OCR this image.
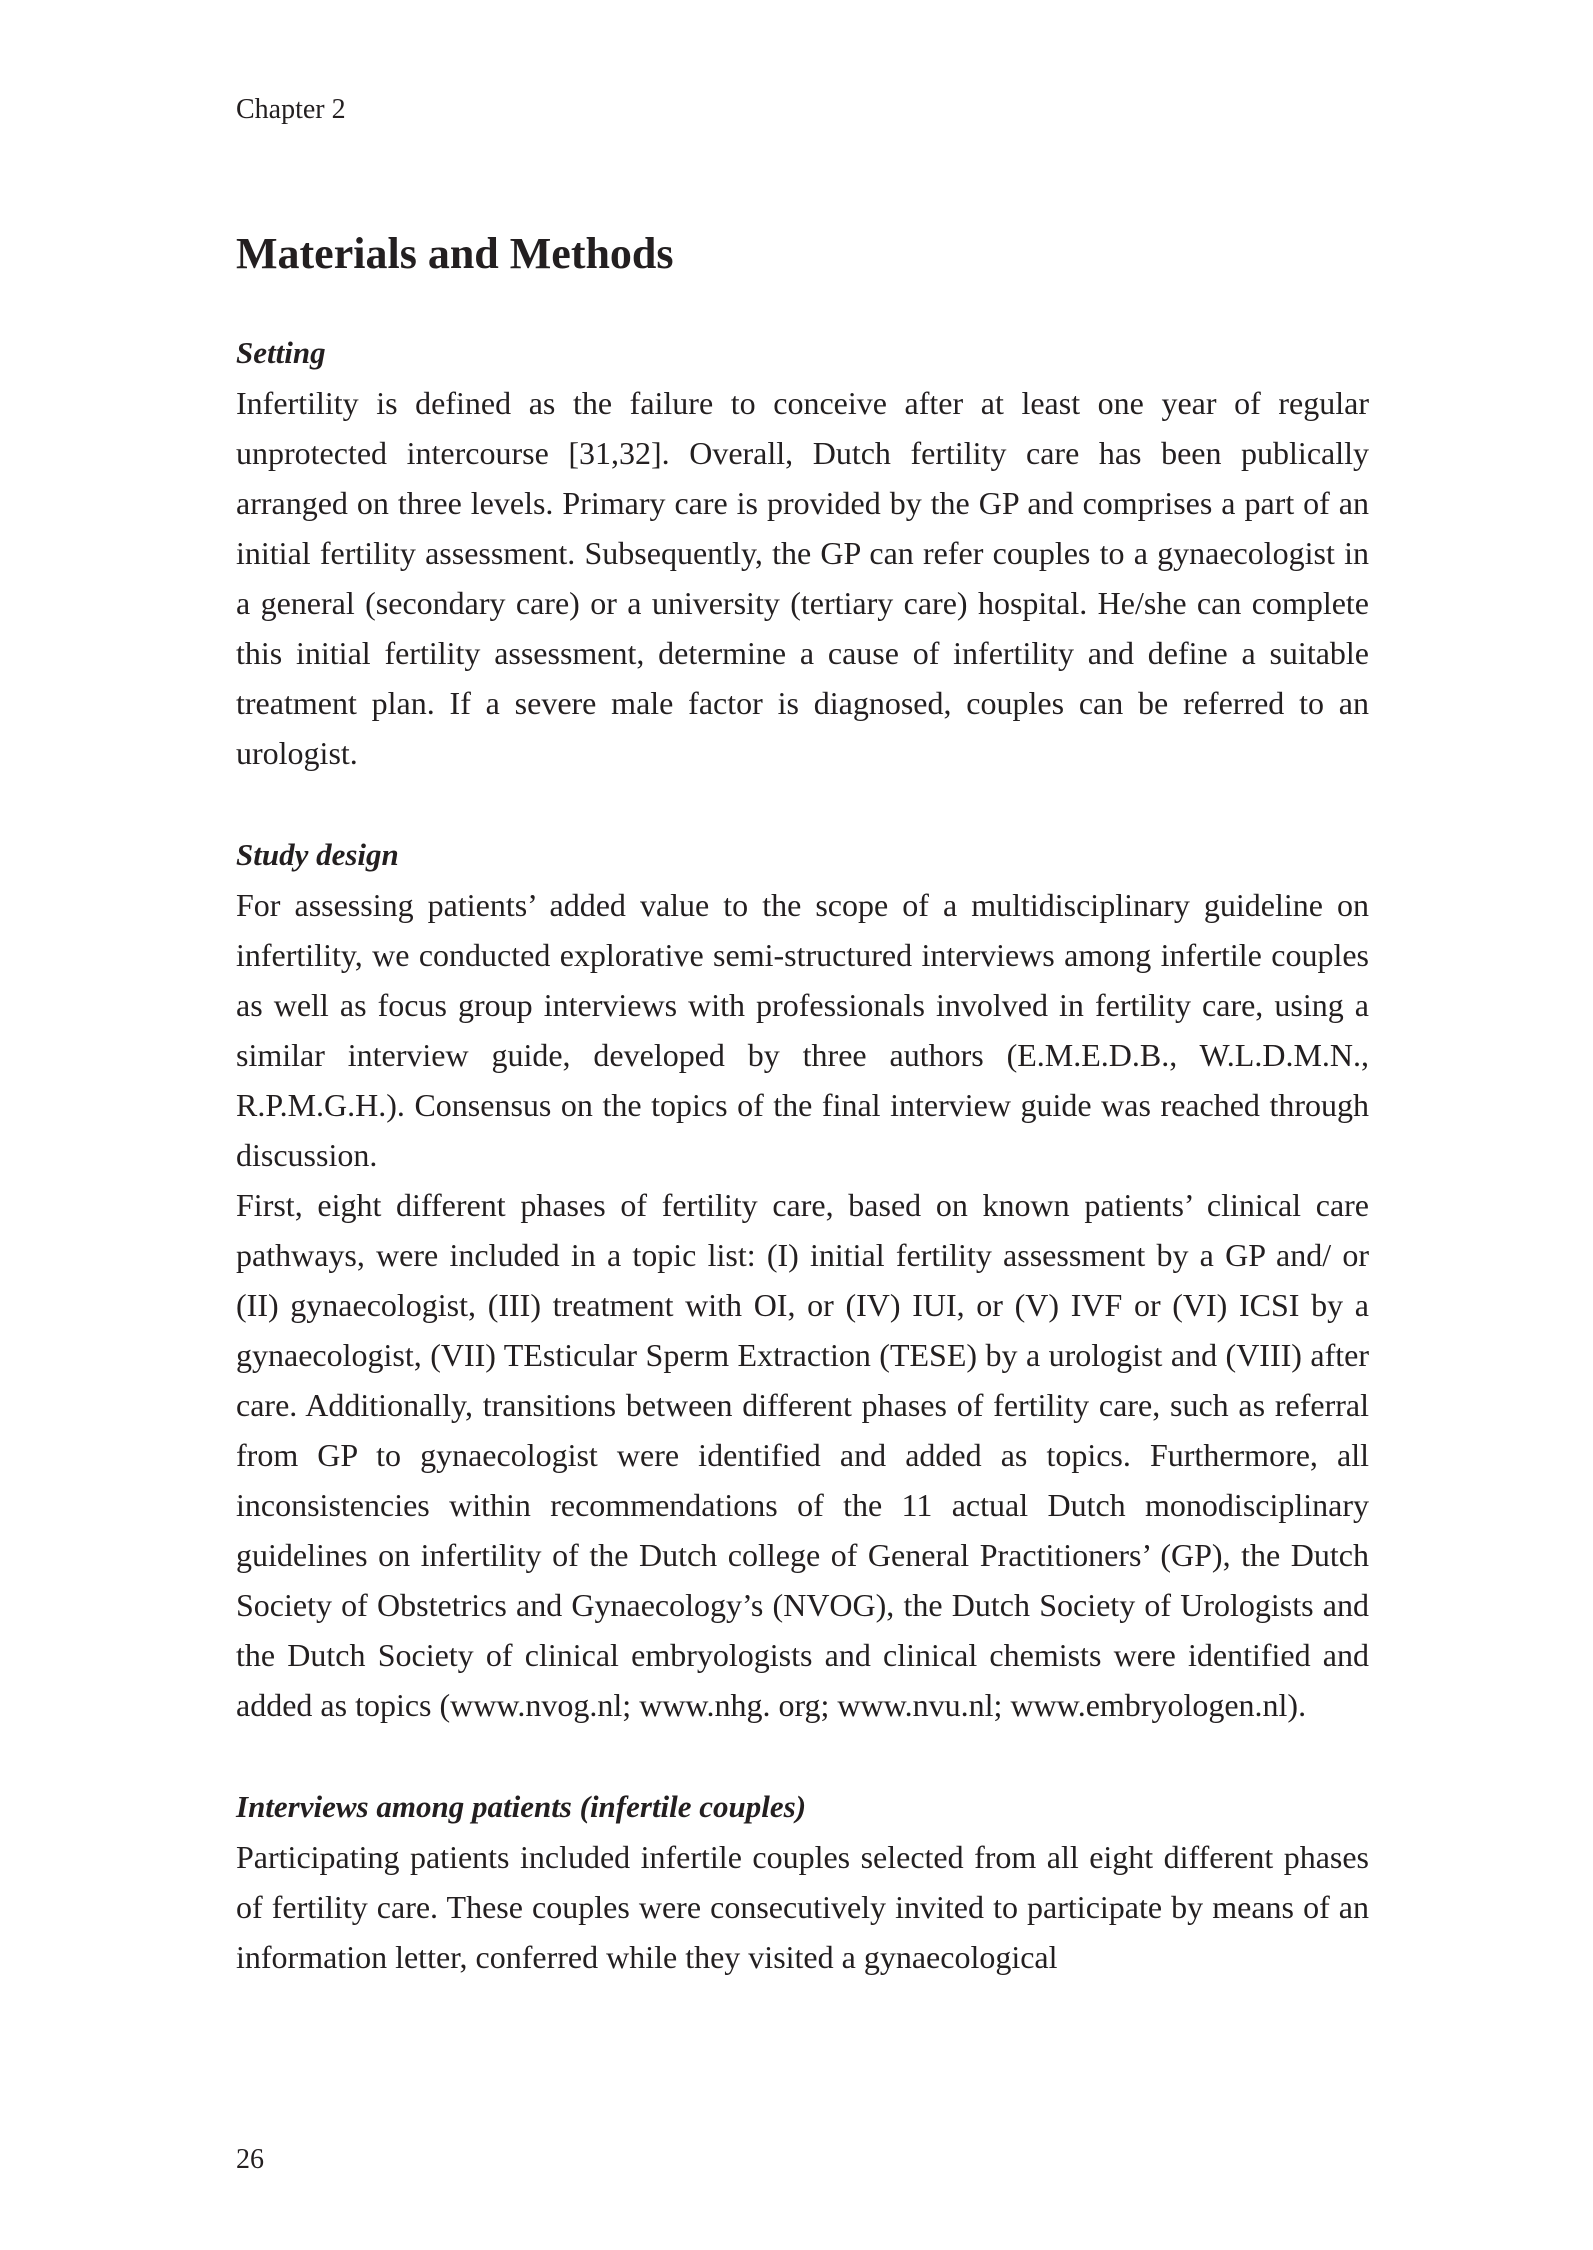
Chapter 2
Materials and Methods
Setting

Infertility is defined as the failure to conceive after at least one year of regular unprotected intercourse [31,32]. Overall, Dutch fertility care has been publically arranged on three levels. Primary care is provided by the GP and comprises a part of an initial fertility assessment. Subsequently, the GP can refer couples to a gynaecologist in a general (secondary care) or a university (tertiary care) hospital. He/she can complete this initial fertility assessment, determine a cause of infertility and define a suitable treatment plan. If a severe male factor is diagnosed, couples can be referred to an urologist.

Study design

For assessing patients’ added value to the scope of a multidisciplinary guideline on infertility, we conducted explorative semi-structured interviews among infertile couples as well as focus group interviews with professionals involved in fertility care, using a similar interview guide, developed by three authors (E.M.E.D.B., W.L.D.M.N., R.P.M.G.H.). Consensus on the topics of the final interview guide was reached through discussion.

First, eight different phases of fertility care, based on known patients’ clinical care pathways, were included in a topic list: (I) initial fertility assessment by a GP and/ or (II) gynaecologist, (III) treatment with OI, or (IV) IUI, or (V) IVF or (VI) ICSI by a gynaecologist, (VII) TEsticular Sperm Extraction (TESE) by a urologist and (VIII) after care. Additionally, transitions between different phases of fertility care, such as referral from GP to gynaecologist were identified and added as topics. Furthermore, all inconsistencies within recommendations of the 11 actual Dutch monodisciplinary guidelines on infertility of the Dutch college of General Practitioners’ (GP), the Dutch Society of Obstetrics and Gynaecology’s (NVOG), the Dutch Society of Urologists and the Dutch Society of clinical embryologists and clinical chemists were identified and added as topics (www.nvog.nl; www.nhg. org; www.nvu.nl; www.embryologen.nl).

Interviews among patients (infertile couples)

Participating patients included infertile couples selected from all eight different phases of fertility care. These couples were consecutively invited to participate by means of an information letter, conferred while they visited a gynaecological

26
